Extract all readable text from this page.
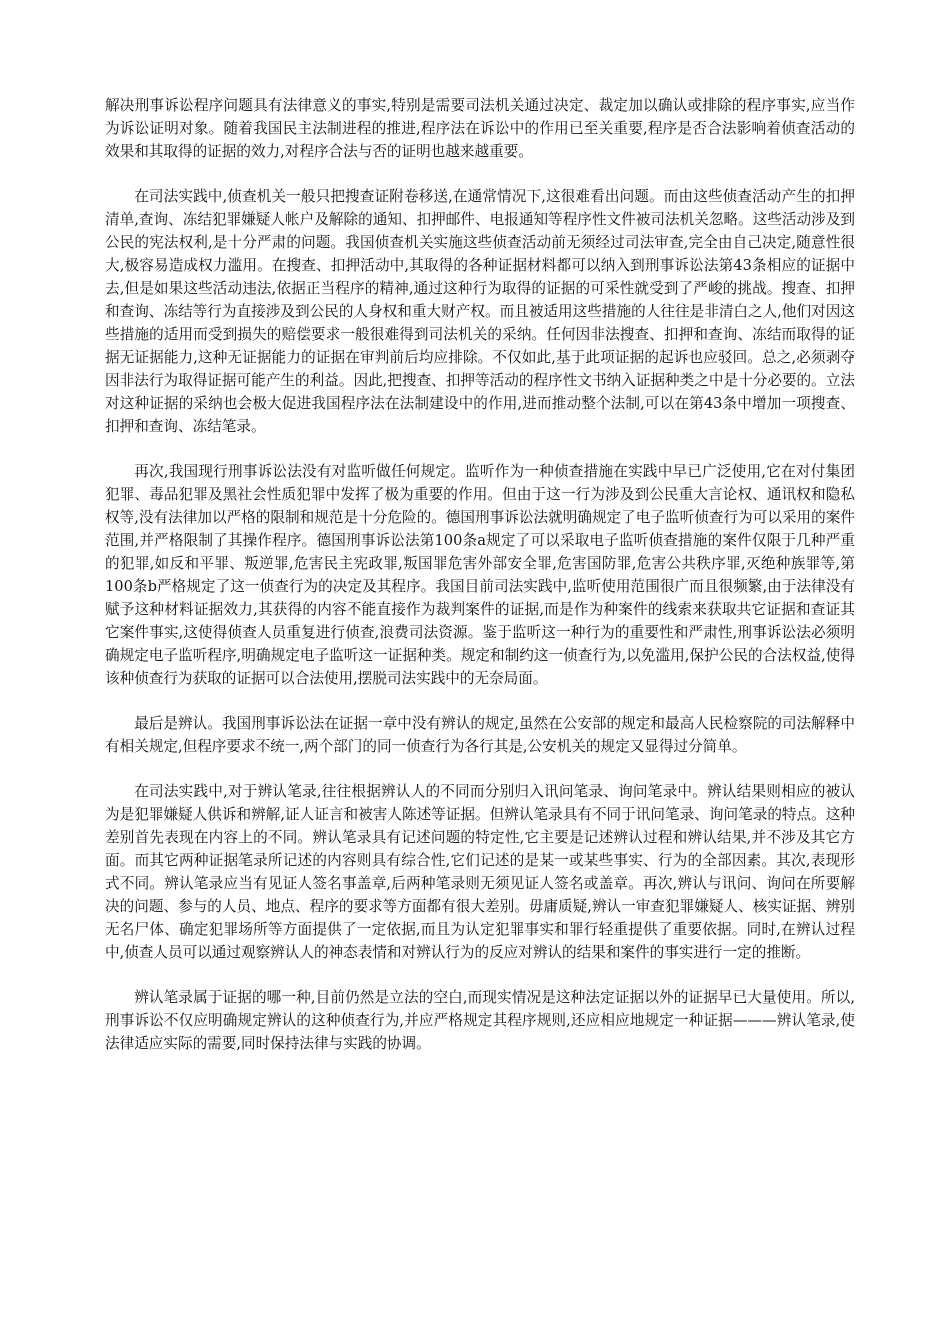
解决刑事诉讼程序问题具有法律意义的事实,特别是需要司法机关通过决定、裁定加以确认或排除的程序事实,应当作为诉讼证明对象。随着我国民主法制进程的推进,程序法在诉讼中的作用已至关重要,程序是否合法影响着侦查活动的效果和其取得的证据的效力,对程序合法与否的证明也越来越重要。

在司法实践中,侦查机关一般只把搜查证附卷移送,在通常情况下,这很难看出问题。而由这些侦查活动产生的扣押清单,查询、冻结犯罪嫌疑人帐户及解除的通知、扣押邮件、电报通知等程序性文件被司法机关忽略。这些活动涉及到公民的宪法权利,是十分严肃的问题。我国侦查机关实施这些侦查活动前无须经过司法审查,完全由自己决定,随意性很大,极容易造成权力滥用。在搜查、扣押活动中,其取得的各种证据材料都可以纳入到刑事诉讼法第43条相应的证据中去,但是如果这些活动违法,依据正当程序的精神,通过这种行为取得的证据的可采性就受到了严峻的挑战。搜查、扣押和查询、冻结等行为直接涉及到公民的人身权和重大财产权。而且被适用这些措施的人往往是非清白之人,他们对因这些措施的适用而受到损失的赔偿要求一般很难得到司法机关的采纳。任何因非法搜查、扣押和查询、冻结而取得的证据无证据能力,这种无证据能力的证据在审判前后均应排除。不仅如此,基于此项证据的起诉也应驳回。总之,必须剥夺因非法行为取得证据可能产生的利益。因此,把搜查、扣押等活动的程序性文书纳入证据种类之中是十分必要的。立法对这种证据的采纳也会极大促进我国程序法在法制建设中的作用,进而推动整个法制,可以在第43条中增加一项搜查、扣押和查询、冻结笔录。

再次,我国现行刑事诉讼法没有对监听做任何规定。监听作为一种侦查措施在实践中早已广泛使用,它在对付集团犯罪、毒品犯罪及黑社会性质犯罪中发挥了极为重要的作用。但由于这一行为涉及到公民重大言论权、通讯权和隐私权等,没有法律加以严格的限制和规范是十分危险的。德国刑事诉讼法就明确规定了电子监听侦查行为可以采用的案件范围,并严格限制了其操作程序。德国刑事诉讼法第100条a规定了可以采取电子监听侦查措施的案件仅限于几种严重的犯罪,如反和平罪、叛逆罪,危害民主宪政罪,叛国罪危害外部安全罪,危害国防罪,危害公共秩序罪,灭绝种族罪等,第100条b严格规定了这一侦查行为的决定及其程序。我国目前司法实践中,监听使用范围很广而且很频繁,由于法律没有赋予这种材料证据效力,其获得的内容不能直接作为裁判案件的证据,而是作为种案件的线索来获取共它证据和查证其它案件事实,这使得侦查人员重复进行侦查,浪费司法资源。鉴于监听这一种行为的重要性和严肃性,刑事诉讼法必须明确规定电子监听程序,明确规定电子监听这一证据种类。规定和制约这一侦查行为,以免滥用,保护公民的合法权益,使得该种侦查行为获取的证据可以合法使用,摆脱司法实践中的无奈局面。

最后是辨认。我国刑事诉讼法在证据一章中没有辨认的规定,虽然在公安部的规定和最高人民检察院的司法解释中有相关规定,但程序要求不统一,两个部门的同一侦查行为各行其是,公安机关的规定又显得过分简单。

在司法实践中,对于辨认笔录,往往根据辨认人的不同而分别归入讯问笔录、询问笔录中。辨认结果则相应的被认为是犯罪嫌疑人供诉和辨解,证人证言和被害人陈述等证据。但辨认笔录具有不同于讯问笔录、询问笔录的特点。这种差别首先表现在内容上的不同。辨认笔录具有记述问题的特定性,它主要是记述辨认过程和辨认结果,并不涉及其它方面。而其它两种证据笔录所记述的内容则具有综合性,它们记述的是某一或某些事实、行为的全部因素。其次,表现形式不同。辨认笔录应当有见证人签名事盖章,后两种笔录则无须见证人签名或盖章。再次,辨认与讯问、询问在所要解决的问题、参与的人员、地点、程序的要求等方面都有很大差别。毋庸质疑,辨认一审查犯罪嫌疑人、核实证据、辨别无名尸体、确定犯罪场所等方面提供了一定依据,而且为认定犯罪事实和罪行轻重提供了重要依据。同时,在辨认过程中,侦查人员可以通过观察辨认人的神态表情和对辨认行为的反应对辨认的结果和案件的事实进行一定的推断。

辨认笔录属于证据的哪一种,目前仍然是立法的空白,而现实情况是这种法定证据以外的证据早已大量使用。所以,刑事诉讼不仅应明确规定辨认的这种侦查行为,并应严格规定其程序规则,还应相应地规定一种证据———辨认笔录,使法律适应实际的需要,同时保持法律与实践的协调。
